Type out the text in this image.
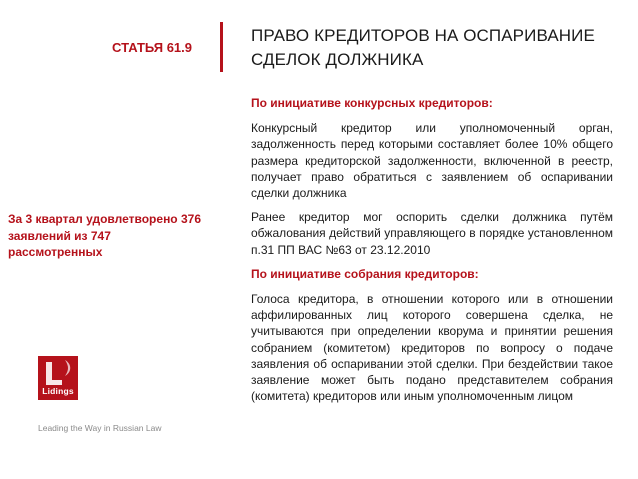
СТАТЬЯ 61.9
ПРАВО КРЕДИТОРОВ НА ОСПАРИВАНИЕ СДЕЛОК ДОЛЖНИКА
По инициативе конкурсных кредиторов:

Конкурсный кредитор или уполномоченный орган, задолженность перед которыми составляет более 10% общего размера кредиторской задолженности, включенной в реестр, получает право обратиться с заявлением об оспаривании сделки должника

Ранее кредитор мог оспорить сделки должника путём обжалования действий управляющего в порядке установленном п.31 ПП ВАС №63 от 23.12.2010

По инициативе собрания кредиторов:

Голоса кредитора, в отношении которого или в отношении аффилированных лиц которого совершена сделка, не учитываются при определении кворума и принятии решения собранием (комитетом) кредиторов по вопросу о подаче заявления об оспаривании этой сделки. При бездействии такое заявление может быть подано представителем собрания (комитета) кредиторов или иным уполномоченным лицом

За 3 квартал удовлетворено 376 заявлений из 747 рассмотренных
Lidings
Leading the Way in Russian Law
